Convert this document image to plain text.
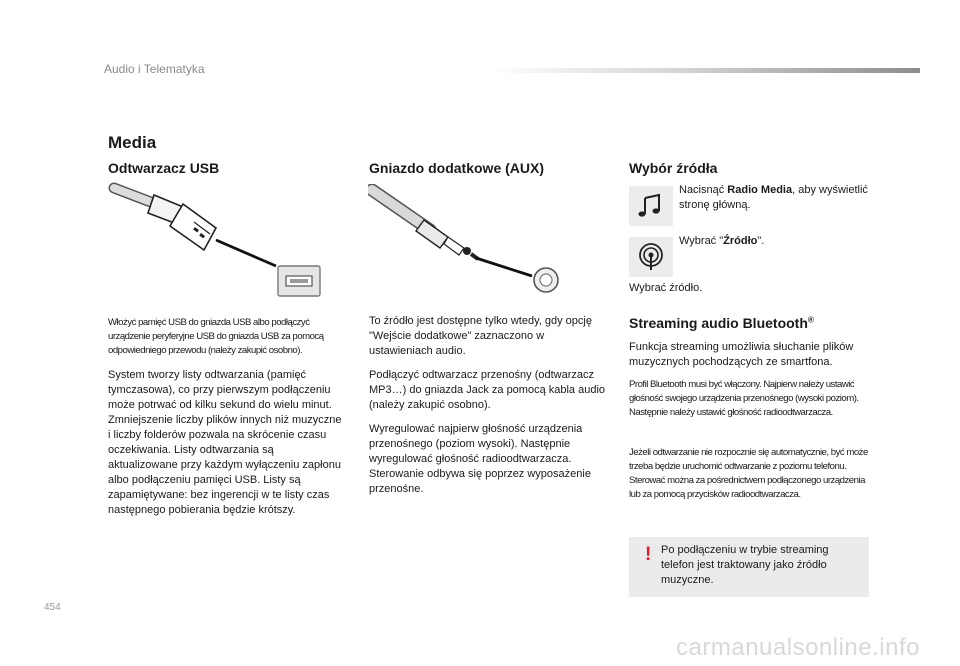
Audio i Telematyka
Media
Odtwarzacz USB
Włożyć pamięć USB do gniazda USB albo podłączyć urządzenie peryferyjne USB do gniazda USB za pomocą odpowiedniego przewodu (należy zakupić osobno).
System tworzy listy odtwarzania (pamięć tymczasowa), co przy pierwszym podłączeniu może potrwać od kilku sekund do wielu minut. Zmniejszenie liczby plików innych niż muzyczne i liczby folderów pozwala na skrócenie czasu oczekiwania. Listy odtwarzania są aktualizowane przy każdym wyłączeniu zapłonu albo podłączeniu pamięci USB. Listy są zapamiętywane: bez ingerencji w te listy czas następnego pobierania będzie krótszy.
Gniazdo dodatkowe (AUX)
To źródło jest dostępne tylko wtedy, gdy opcję "Wejście dodatkowe" zaznaczono w ustawieniach audio.
Podłączyć odtwarzacz przenośny (odtwarzacz MP3…) do gniazda Jack za pomocą kabla audio (należy zakupić osobno).
Wyregulować najpierw głośność urządzenia przenośnego (poziom wysoki). Następnie wyregulować głośność radioodtwarzacza. Sterowanie odbywa się poprzez wyposażenie przenośne.
Wybór źródła
Nacisnąć Radio Media, aby wyświetlić stronę główną.
Wybrać "Źródło".
Wybrać źródło.
Streaming audio Bluetooth®
Funkcja streaming umożliwia słuchanie plików muzycznych pochodzących ze smartfona.
Profil Bluetooth musi być włączony. Najpierw należy ustawić głośność swojego urządzenia przenośnego (wysoki poziom).
Następnie należy ustawić głośność radioodtwarzacza.
Jeżeli odtwarzanie nie rozpocznie się automatycznie, być może trzeba będzie uruchomić odtwarzanie z poziomu telefonu.
Sterować można za pośrednictwem podłączonego urządzenia lub za pomocą przycisków radioodtwarzacza.
! Po podłączeniu w trybie streaming telefon jest traktowany jako źródło muzyczne.
454
carmanualsonline.info
